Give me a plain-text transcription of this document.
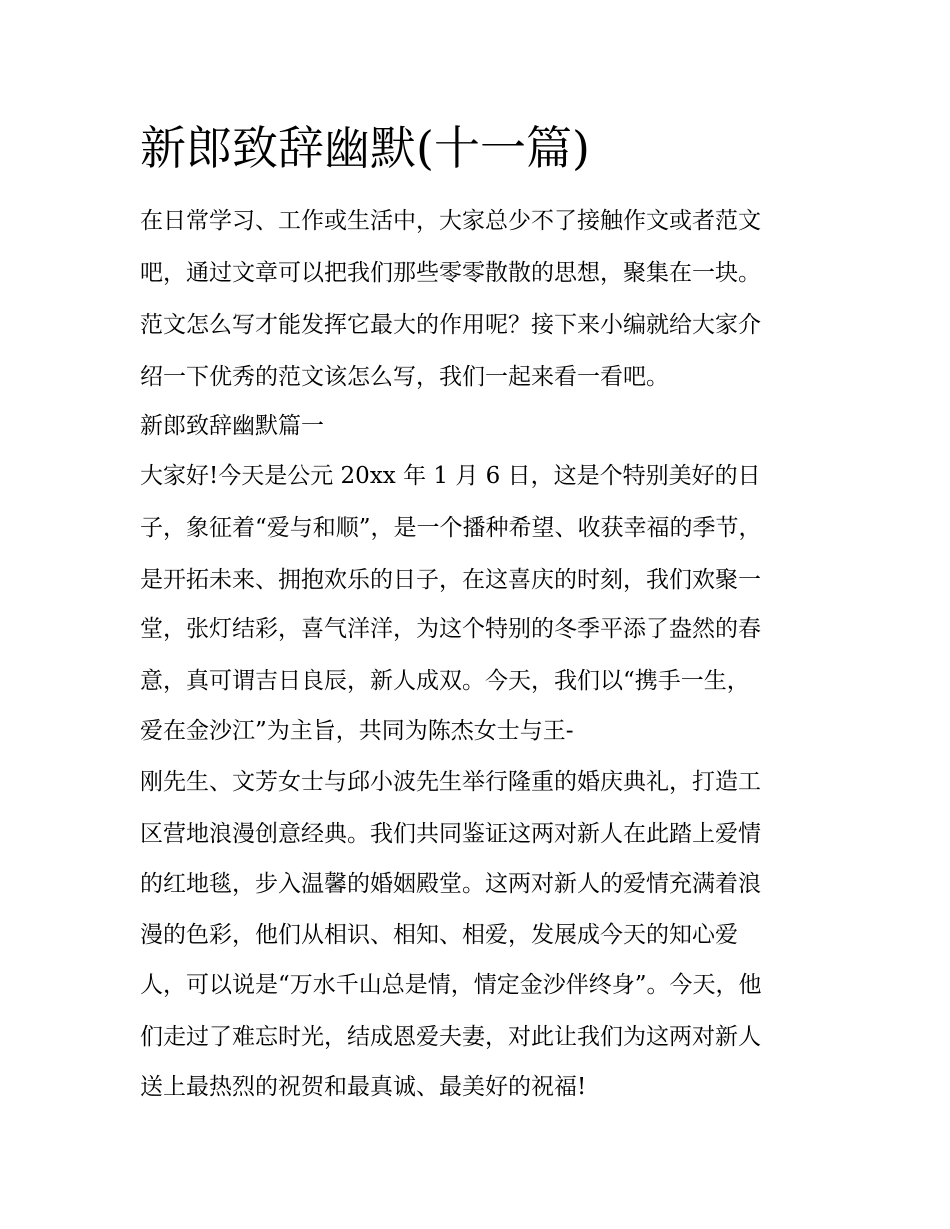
新郎致辞幽默(十一篇)

在日常学习、工作或生活中，大家总少不了接触作文或者范文

吧，通过文章可以把我们那些零零散散的思想，聚集在一块。

范文怎么写才能发挥它最大的作用呢？接下来小编就给大家介

绍一下优秀的范文该怎么写，我们一起来看一看吧。

新郎致辞幽默篇一

大家好!今天是公元 20xx 年 1 月 6 日，这是个特别美好的日

子，象征着“爱与和顺”，是一个播种希望、收获幸福的季节，

是开拓未来、拥抱欢乐的日子，在这喜庆的时刻，我们欢聚一

堂，张灯结彩，喜气洋洋，为这个特别的冬季平添了盎然的春

意，真可谓吉日良辰，新人成双。今天，我们以“携手一生，

爱在金沙江”为主旨，共同为陈杰女士与王-

刚先生、文芳女士与邱小波先生举行隆重的婚庆典礼，打造工

区营地浪漫创意经典。我们共同鉴证这两对新人在此踏上爱情

的红地毯，步入温馨的婚姻殿堂。这两对新人的爱情充满着浪

漫的色彩，他们从相识、相知、相爱，发展成今天的知心爱

人，可以说是“万水千山总是情，情定金沙伴终身”。今天，他

们走过了难忘时光，结成恩爱夫妻，对此让我们为这两对新人

送上最热烈的祝贺和最真诚、最美好的祝福!
